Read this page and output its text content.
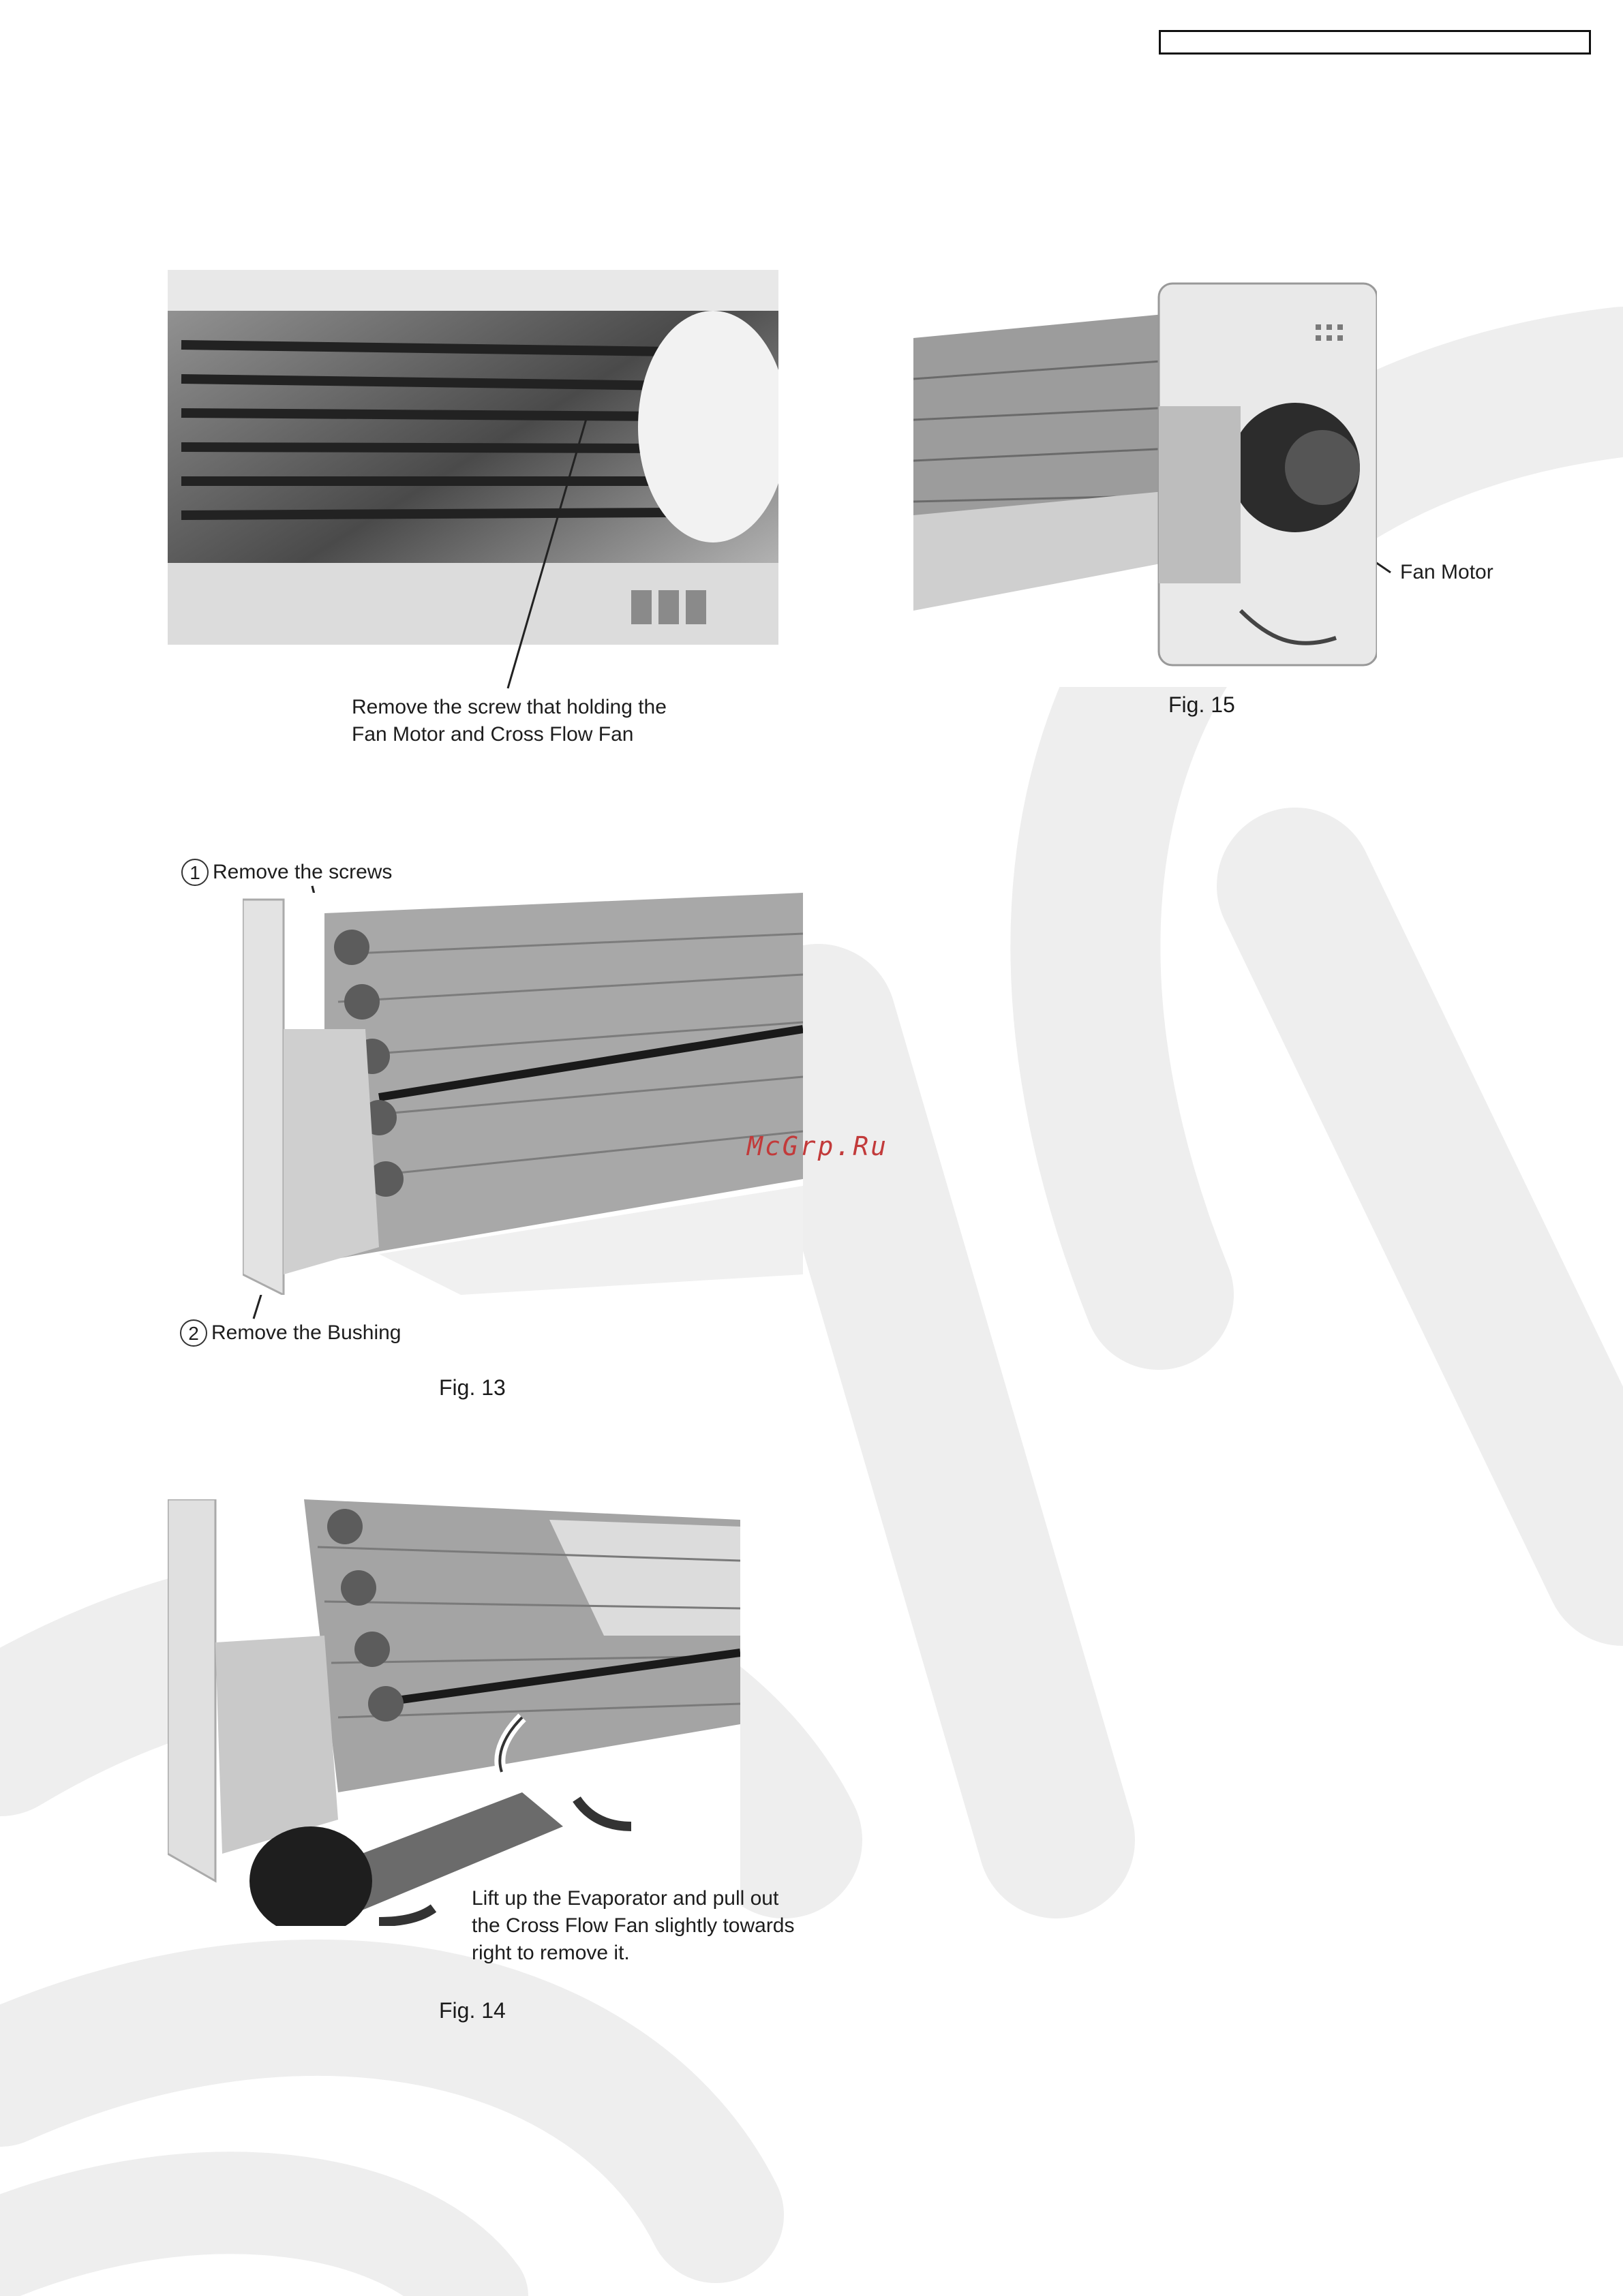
Remove the screw that holding the
Fan Motor and Cross Flow Fan
Fan Motor
Fig. 15
1 Remove the screws
2 Remove the Bushing
Fig. 13
McGrp.Ru
Lift up the Evaporator and pull out
the Cross Flow Fan slightly towards
right to remove it.
Fig. 14
